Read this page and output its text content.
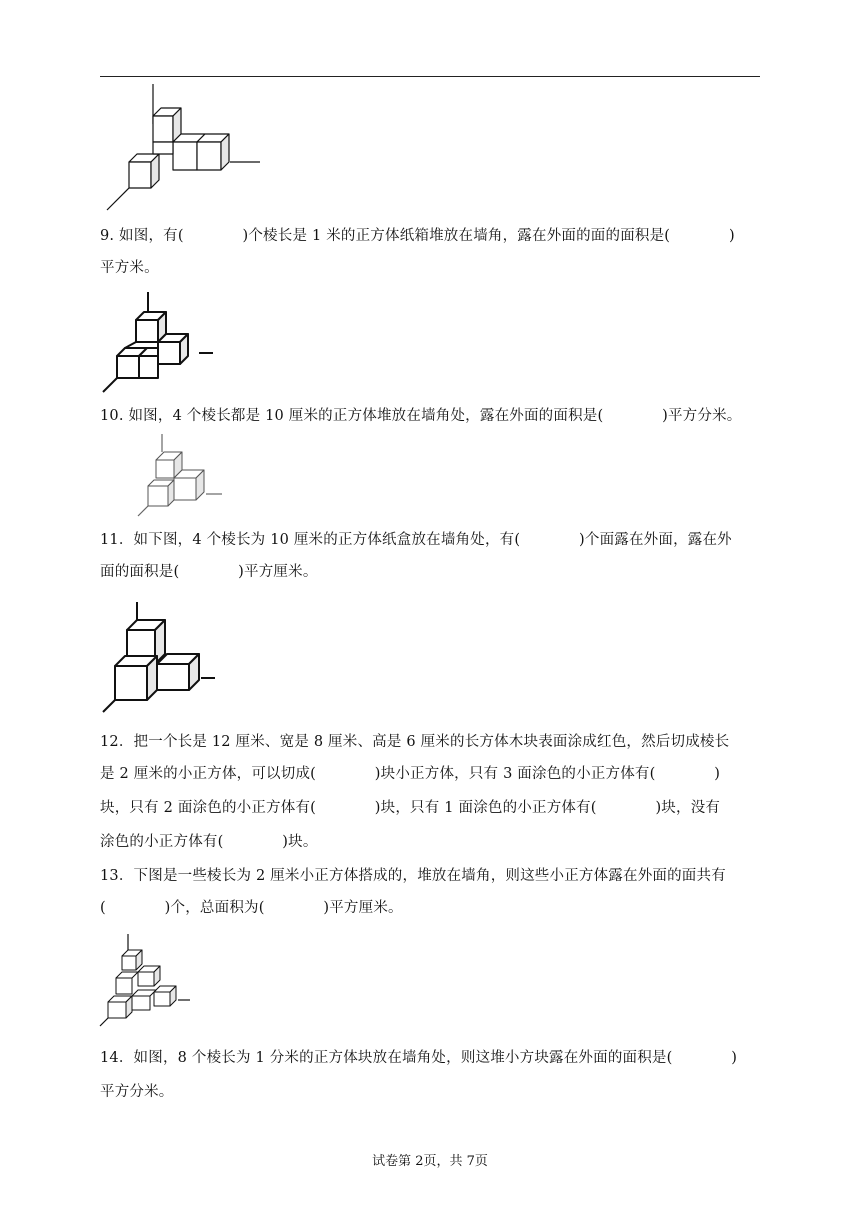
9. 如图，有(　　　　)个棱长是 1 米的正方体纸箱堆放在墙角，露在外面的面的面积是(　　　　)

平方米。

10. 如图，4 个棱长都是 10 厘米的正方体堆放在墙角处，露在外面的面积是(　　　　)平方分米。

11．如下图，4 个棱长为 10 厘米的正方体纸盒放在墙角处，有(　　　　)个面露在外面，露在外

面的面积是(　　　　)平方厘米。

12．把一个长是 12 厘米、宽是 8 厘米、高是 6 厘米的长方体木块表面涂成红色，然后切成棱长

是 2 厘米的小正方体，可以切成(　　　　)块小正方体，只有 3 面涂色的小正方体有(　　　　)

块，只有 2 面涂色的小正方体有(　　　　)块，只有 1 面涂色的小正方体有(　　　　)块，没有

涂色的小正方体有(　　　　)块。

13．下图是一些棱长为 2 厘米小正方体搭成的，堆放在墙角，则这些小正方体露在外面的面共有

(　　　　)个，总面积为(　　　　)平方厘米。

14．如图，8 个棱长为 1 分米的正方体块放在墙角处，则这堆小方块露在外面的面积是(　　　　)

平方分米。

试卷第 2页，共 7页
